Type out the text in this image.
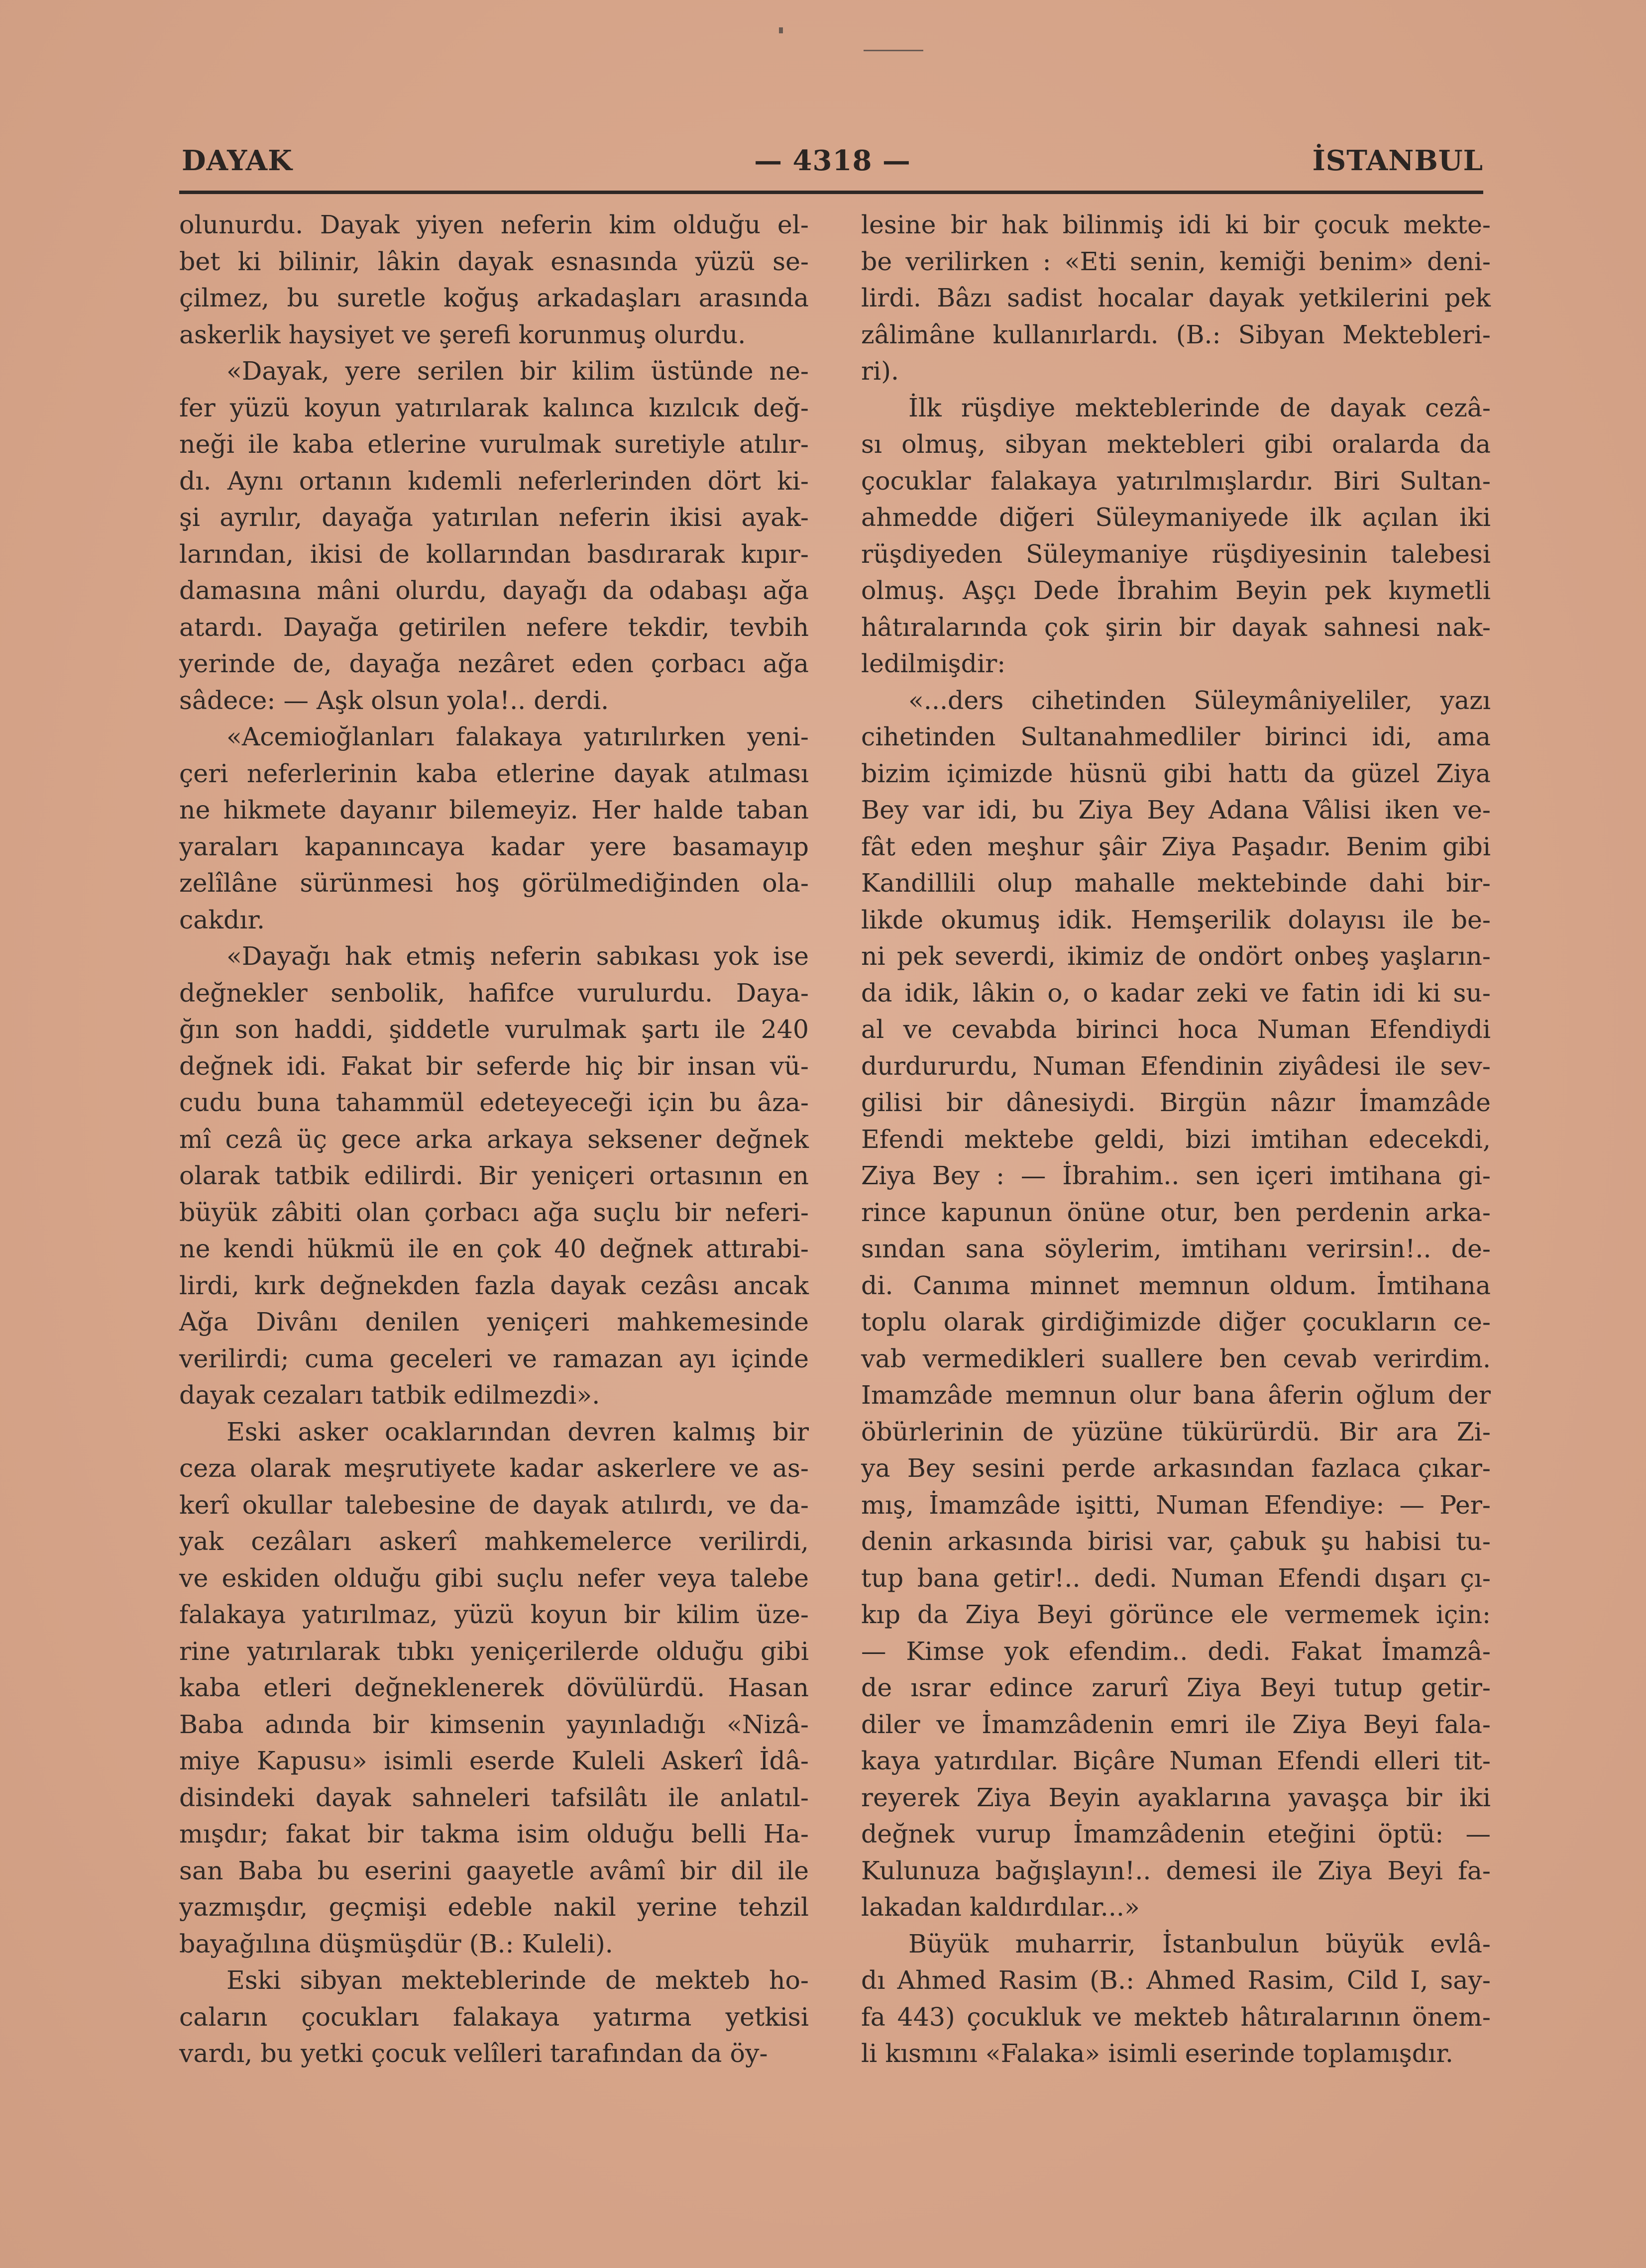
DAYAK	— 4318 —	İSTANBUL

olunurdu. Dayak yiyen neferin kim olduğu el-
bet ki bilinir, lâkin dayak esnasında yüzü se-
çilmez, bu suretle koğuş arkadaşları arasında
askerlik haysiyet ve şerefi korunmuş olurdu.

«Dayak, yere serilen bir kilim üstünde ne-
fer yüzü koyun yatırılarak kalınca kızılcık değ-
neği ile kaba etlerine vurulmak suretiyle atılır-
dı. Aynı ortanın kıdemli neferlerinden dört ki-
şi ayrılır, dayağa yatırılan neferin ikisi ayak-
larından, ikisi de kollarından basdırarak kıpır-
damasına mâni olurdu, dayağı da odabaşı ağa
atardı. Dayağa getirilen nefere tekdir, tevbih
yerinde de, dayağa nezâret eden çorbacı ağa
sâdece: — Aşk olsun yola!.. derdi.

«Acemioğlanları falakaya yatırılırken yeni-
çeri neferlerinin kaba etlerine dayak atılması
ne hikmete dayanır bilemeyiz. Her halde taban
yaraları kapanıncaya kadar yere basamayıp
zelîlâne sürünmesi hoş görülmediğinden ola-
cakdır.

«Dayağı hak etmiş neferin sabıkası yok ise
değnekler senbolik, hafifce vurulurdu. Daya-
ğın son haddi, şiddetle vurulmak şartı ile 240
değnek idi. Fakat bir seferde hiç bir insan vü-
cudu buna tahammül edeteyeceği için bu âza-
mî cezâ üç gece arka arkaya seksener değnek
olarak tatbik edilirdi. Bir yeniçeri ortasının en
büyük zâbiti olan çorbacı ağa suçlu bir neferi-
ne kendi hükmü ile en çok 40 değnek attırabi-
lirdi, kırk değnekden fazla dayak cezâsı ancak
Ağa Divânı denilen yeniçeri mahkemesinde
verilirdi; cuma geceleri ve ramazan ayı içinde
dayak cezaları tatbik edilmezdi».

Eski asker ocaklarından devren kalmış bir
ceza olarak meşrutiyete kadar askerlere ve as-
kerî okullar talebesine de dayak atılırdı, ve da-
yak cezâları askerî mahkemelerce verilirdi,
ve eskiden olduğu gibi suçlu nefer veya talebe
falakaya yatırılmaz, yüzü koyun bir kilim üze-
rine yatırılarak tıbkı yeniçerilerde olduğu gibi
kaba etleri değneklenerek dövülürdü. Hasan
Baba adında bir kimsenin yayınladığı «Nizâ-
miye Kapusu» isimli eserde Kuleli Askerî İdâ-
disindeki dayak sahneleri tafsilâtı ile anlatıl-
mışdır; fakat bir takma isim olduğu belli Ha-
san Baba bu eserini gaayetle avâmî bir dil ile
yazmışdır, geçmişi edeble nakil yerine tehzil
bayağılına düşmüşdür (B.: Kuleli).

Eski sibyan mekteblerinde de mekteb ho-
caların çocukları falakaya yatırma yetkisi
vardı, bu yetki çocuk velîleri tarafından da öy-

lesine bir hak bilinmiş idi ki bir çocuk mekte-
be verilirken : «Eti senin, kemiği benim» deni-
lirdi. Bâzı sadist hocalar dayak yetkilerini pek
zâlimâne kullanırlardı. (B.: Sibyan Mektebleri-
ri).

İlk rüşdiye mekteblerinde de dayak cezâ-
sı olmuş, sibyan mektebleri gibi oralarda da
çocuklar falakaya yatırılmışlardır. Biri Sultan-
ahmedde diğeri Süleymaniyede ilk açılan iki
rüşdiyeden Süleymaniye rüşdiyesinin talebesi
olmuş. Aşçı Dede İbrahim Beyin pek kıymetli
hâtıralarında çok şirin bir dayak sahnesi nak-
ledilmişdir:

«...ders cihetinden Süleymâniyeliler, yazı
cihetinden Sultanahmedliler birinci idi, ama
bizim içimizde hüsnü gibi hattı da güzel Ziya
Bey var idi, bu Ziya Bey Adana Vâlisi iken ve-
fât eden meşhur şâir Ziya Paşadır. Benim gibi
Kandillili olup mahalle mektebinde dahi bir-
likde okumuş idik. Hemşerilik dolayısı ile be-
ni pek severdi, ikimiz de ondört onbeş yaşların-
da idik, lâkin o, o kadar zeki ve fatin idi ki su-
al ve cevabda birinci hoca Numan Efendiydi
durdururdu, Numan Efendinin ziyâdesi ile sev-
gilisi bir dânesiydi. Birgün nâzır İmamzâde
Efendi mektebe geldi, bizi imtihan edecekdi,
Ziya Bey : — İbrahim.. sen içeri imtihana gi-
rince kapunun önüne otur, ben perdenin arka-
sından sana söylerim, imtihanı verirsin!.. de-
di. Canıma minnet memnun oldum. İmtihana
toplu olarak girdiğimizde diğer çocukların ce-
vab vermedikleri suallere ben cevab verirdim.
Imamzâde memnun olur bana âferin oğlum der
öbürlerinin de yüzüne tükürürdü. Bir ara Zi-
ya Bey sesini perde arkasından fazlaca çıkar-
mış, İmamzâde işitti, Numan Efendiye: — Per-
denin arkasında birisi var, çabuk şu habisi tu-
tup bana getir!.. dedi. Numan Efendi dışarı çı-
kıp da Ziya Beyi görünce ele vermemek için:
— Kimse yok efendim.. dedi. Fakat İmamzâ-
de ısrar edince zarurî Ziya Beyi tutup getir-
diler ve İmamzâdenin emri ile Ziya Beyi fala-
kaya yatırdılar. Biçâre Numan Efendi elleri tit-
reyerek Ziya Beyin ayaklarına yavaşça bir iki
değnek vurup İmamzâdenin eteğini öptü: —
Kulunuza bağışlayın!.. demesi ile Ziya Beyi fa-
lakadan kaldırdılar...»

Büyük muharrir, İstanbulun büyük evlâ-
dı Ahmed Rasim (B.: Ahmed Rasim, Cild I, say-
fa 443) çocukluk ve mekteb hâtıralarının önem-
li kısmını «Falaka» isimli eserinde toplamışdır.
